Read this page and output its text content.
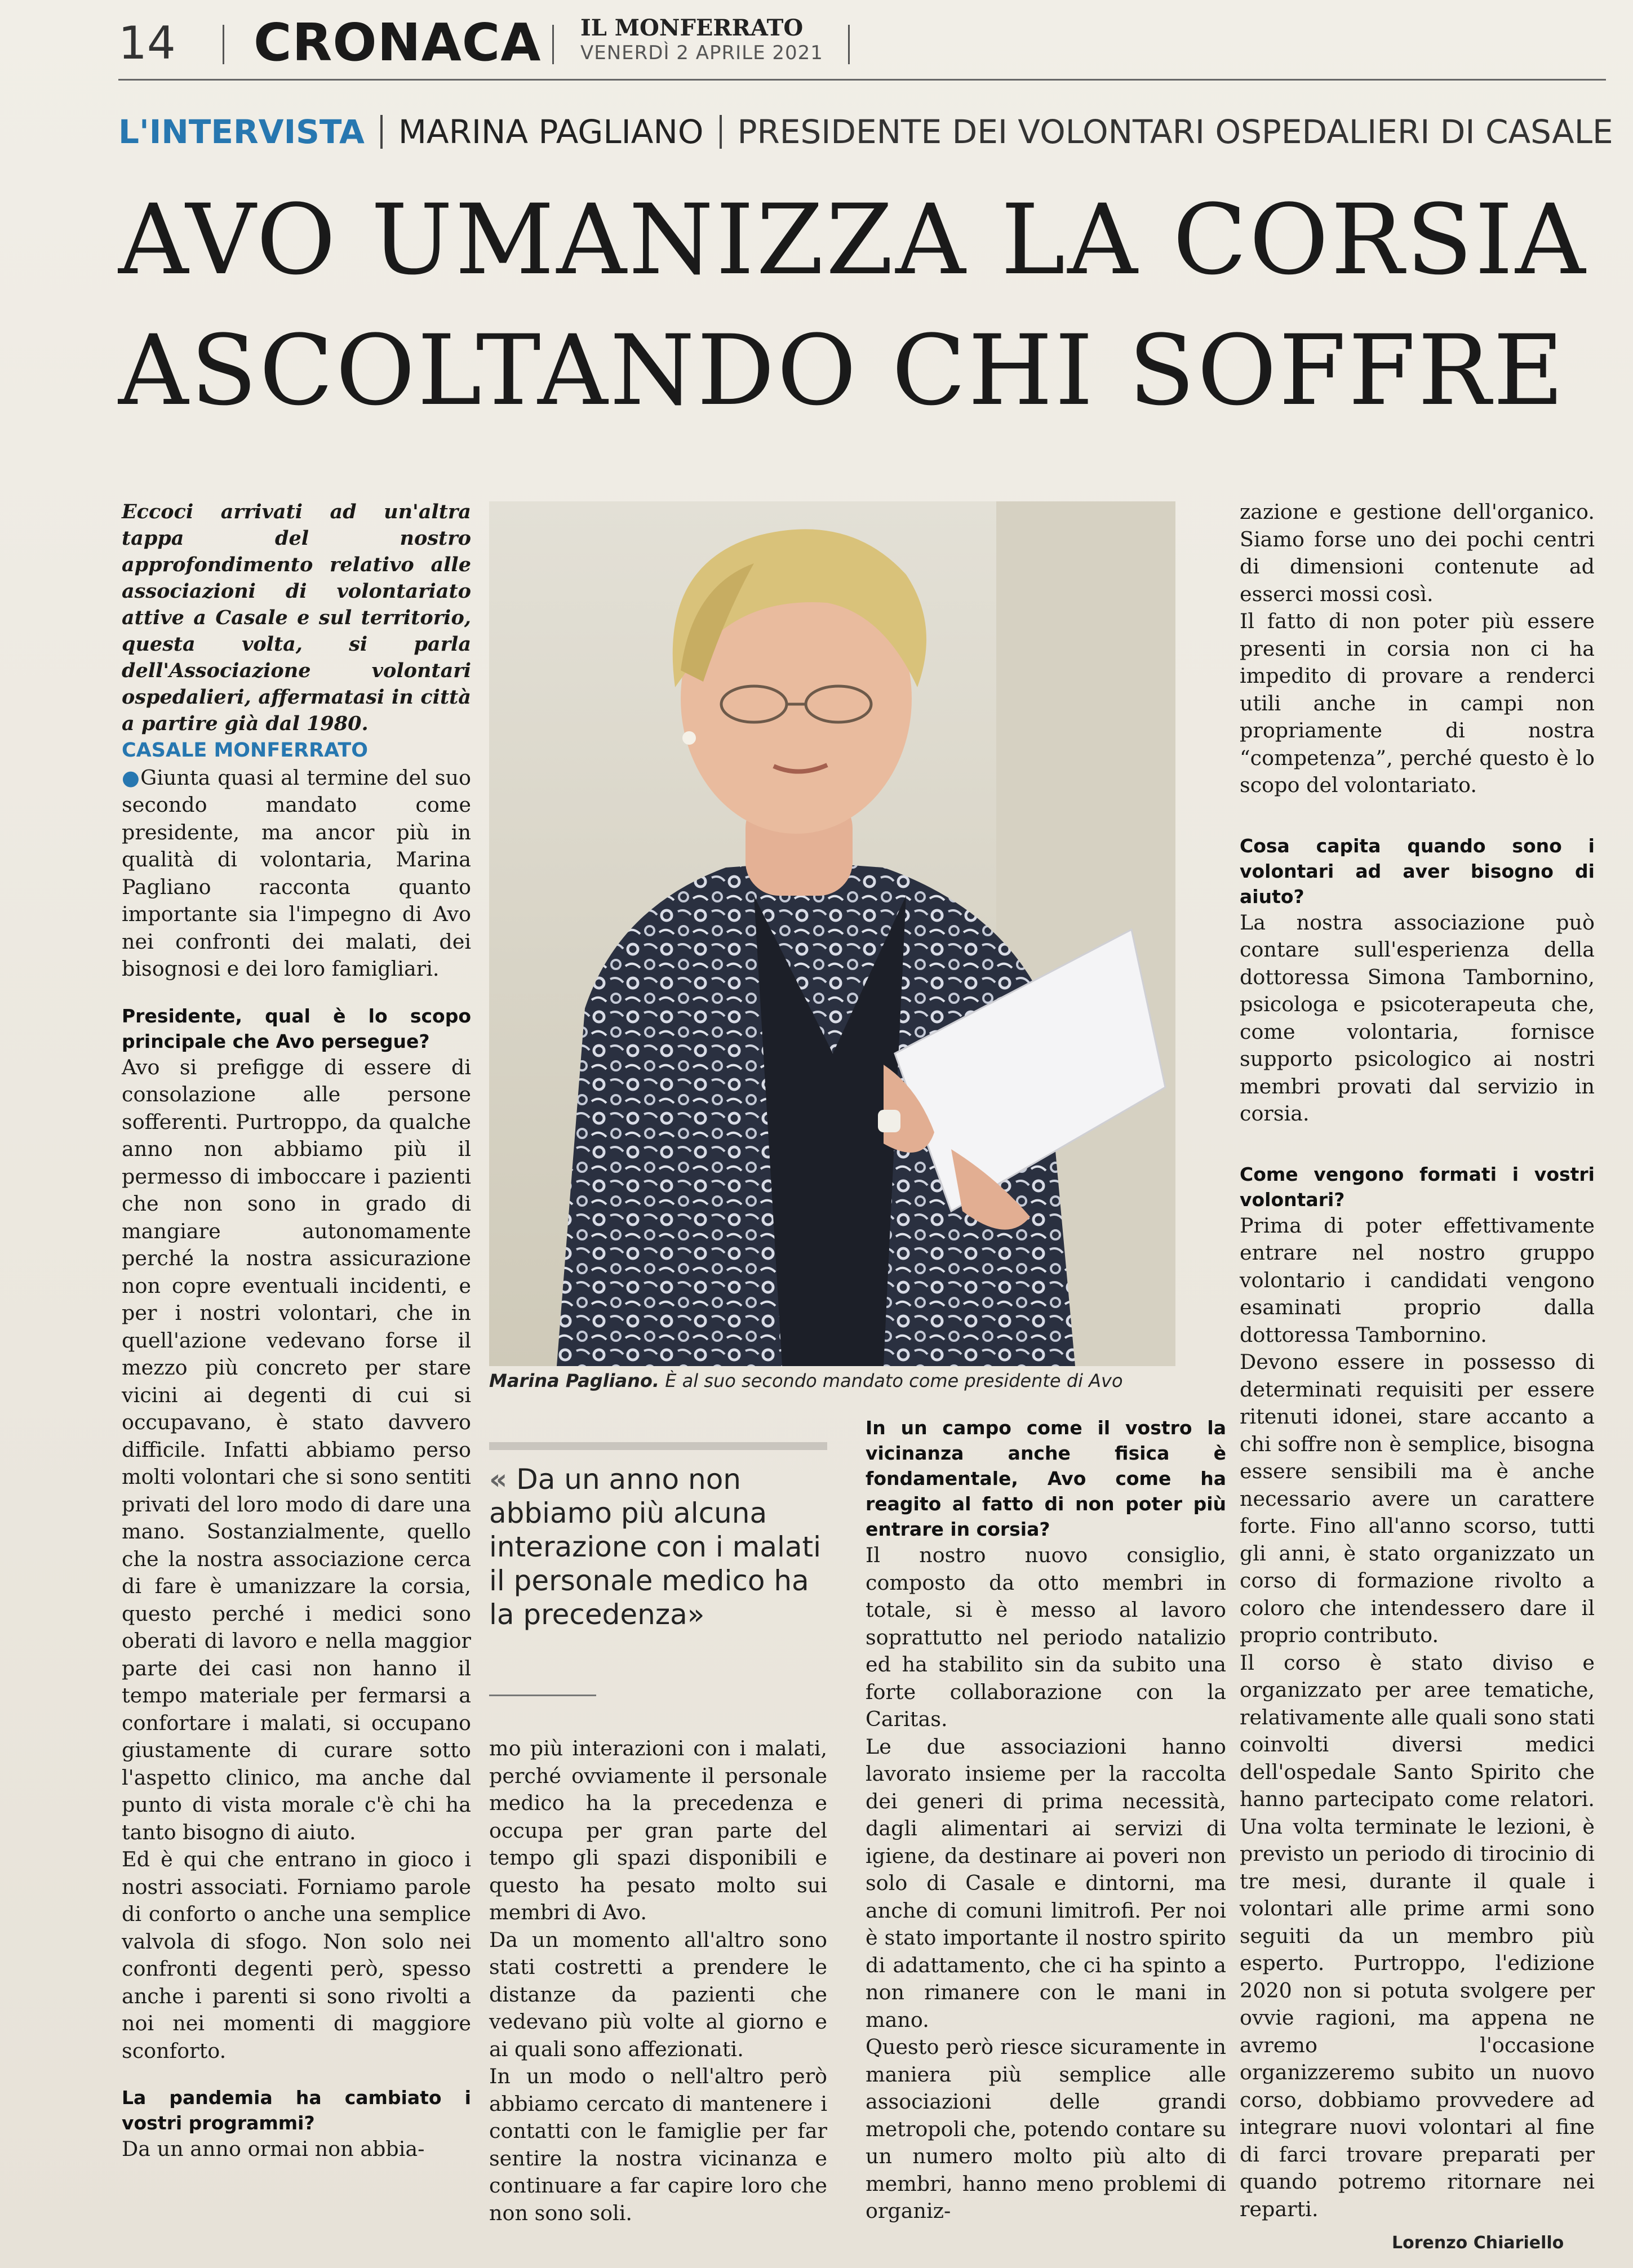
14 CRONACA IL MONFERRATO
VENERDÌ 2 APRILE 2021
L'INTERVISTA MARINA PAGLIANO PRESIDENTE DEI VOLONTARI OSPEDALIERI DI CASALE
AVO UMANIZZA LA CORSIA
ASCOLTANDO CHI SOFFRE

Eccoci arrivati ad un'altra tappa del nostro approfondimento relativo alle associazioni di volontariato attive a Casale e sul territorio, questa volta, si parla dell'Associazione volontari ospedalieri, affermatasi in città a partire già dal 1980.

CASALE MONFERRATO

●Giunta quasi al termine del suo secondo mandato come presidente, ma ancor più in qualità di volontaria, Marina Pagliano racconta quanto importante sia l'impegno di Avo nei confronti dei malati, dei bisognosi e dei loro famigliari.

Presidente, qual è lo scopo principale che Avo persegue?

Avo si prefigge di essere di consolazione alle persone sofferenti. Purtroppo, da qualche anno non abbiamo più il permesso di imboccare i pazienti che non sono in grado di mangiare autonomamente perché la nostra assicurazione non copre eventuali incidenti, e per i nostri volontari, che in quell'azione vedevano forse il mezzo più concreto per stare vicini ai degenti di cui si occupavano, è stato davvero difficile. Infatti abbiamo perso molti volontari che si sono sentiti privati del loro modo di dare una mano. Sostanzialmente, quello che la nostra associazione cerca di fare è umanizzare la corsia, questo perché i medici sono oberati di lavoro e nella maggior parte dei casi non hanno il tempo materiale per fermarsi a confortare i malati, si occupano giustamente di curare sotto l'aspetto clinico, ma anche dal punto di vista morale c'è chi ha tanto bisogno di aiuto.

Ed è qui che entrano in gioco i nostri associati. Forniamo parole di conforto o anche una semplice valvola di sfogo. Non solo nei confronti degenti però, spesso anche i parenti si sono rivolti a noi nei momenti di maggiore sconforto.

La pandemia ha cambiato i vostri programmi?

Da un anno ormai non abbia-

Marina Pagliano. È al suo secondo mandato come presidente di Avo
« Da un anno non abbiamo più alcuna interazione con i malati il personale medico ha la precedenza»

mo più interazioni con i malati, perché ovviamente il personale medico ha la precedenza e occupa per gran parte del tempo gli spazi disponibili e questo ha pesato molto sui membri di Avo.

Da un momento all'altro sono stati costretti a prendere le distanze da pazienti che vedevano più volte al giorno e ai quali sono affezionati.

In un modo o nell'altro però abbiamo cercato di mantenere i contatti con le famiglie per far sentire la nostra vicinanza e continuare a far capire loro che non sono soli.

In un campo come il vostro la vicinanza anche fisica è fondamentale, Avo come ha reagito al fatto di non poter più entrare in corsia?

Il nostro nuovo consiglio, composto da otto membri in totale, si è messo al lavoro soprattutto nel periodo natalizio ed ha stabilito sin da subito una forte collaborazione con la Caritas.

Le due associazioni hanno lavorato insieme per la raccolta dei generi di prima necessità, dagli alimentari ai servizi di igiene, da destinare ai poveri non solo di Casale e dintorni, ma anche di comuni limitrofi. Per noi è stato importante il nostro spirito di adattamento, che ci ha spinto a non rimanere con le mani in mano.

Questo però riesce sicuramente in maniera più semplice alle associazioni delle grandi metropoli che, potendo contare su un numero molto più alto di membri, hanno meno problemi di organiz-

zazione e gestione dell'organico. Siamo forse uno dei pochi centri di dimensioni contenute ad esserci mossi così.

Il fatto di non poter più essere presenti in corsia non ci ha impedito di provare a renderci utili anche in campi non propriamente di nostra “competenza”, perché questo è lo scopo del volontariato.

Cosa capita quando sono i volontari ad aver bisogno di aiuto?

La nostra associazione può contare sull'esperienza della dottoressa Simona Tambornino, psicologa e psicoterapeuta che, come volontaria, fornisce supporto psicologico ai nostri membri provati dal servizio in corsia.

Come vengono formati i vostri volontari?

Prima di poter effettivamente entrare nel nostro gruppo volontario i candidati vengono esaminati proprio dalla dottoressa Tambornino.

Devono essere in possesso di determinati requisiti per essere ritenuti idonei, stare accanto a chi soffre non è semplice, bisogna essere sensibili ma è anche necessario avere un carattere forte. Fino all'anno scorso, tutti gli anni, è stato organizzato un corso di formazione rivolto a coloro che intendessero dare il proprio contributo.

Il corso è stato diviso e organizzato per aree tematiche, relativamente alle quali sono stati coinvolti diversi medici dell'ospedale Santo Spirito che hanno partecipato come relatori. Una volta terminate le lezioni, è previsto un periodo di tirocinio di tre mesi, durante il quale i volontari alle prime armi sono seguiti da un membro più esperto. Purtroppo, l'edizione 2020 non si potuta svolgere per ovvie ragioni, ma appena ne avremo l'occasione organizzeremo subito un nuovo corso, dobbiamo provvedere ad integrare nuovi volontari al fine di farci trovare preparati per quando potremo ritornare nei reparti.

Lorenzo Chiariello
